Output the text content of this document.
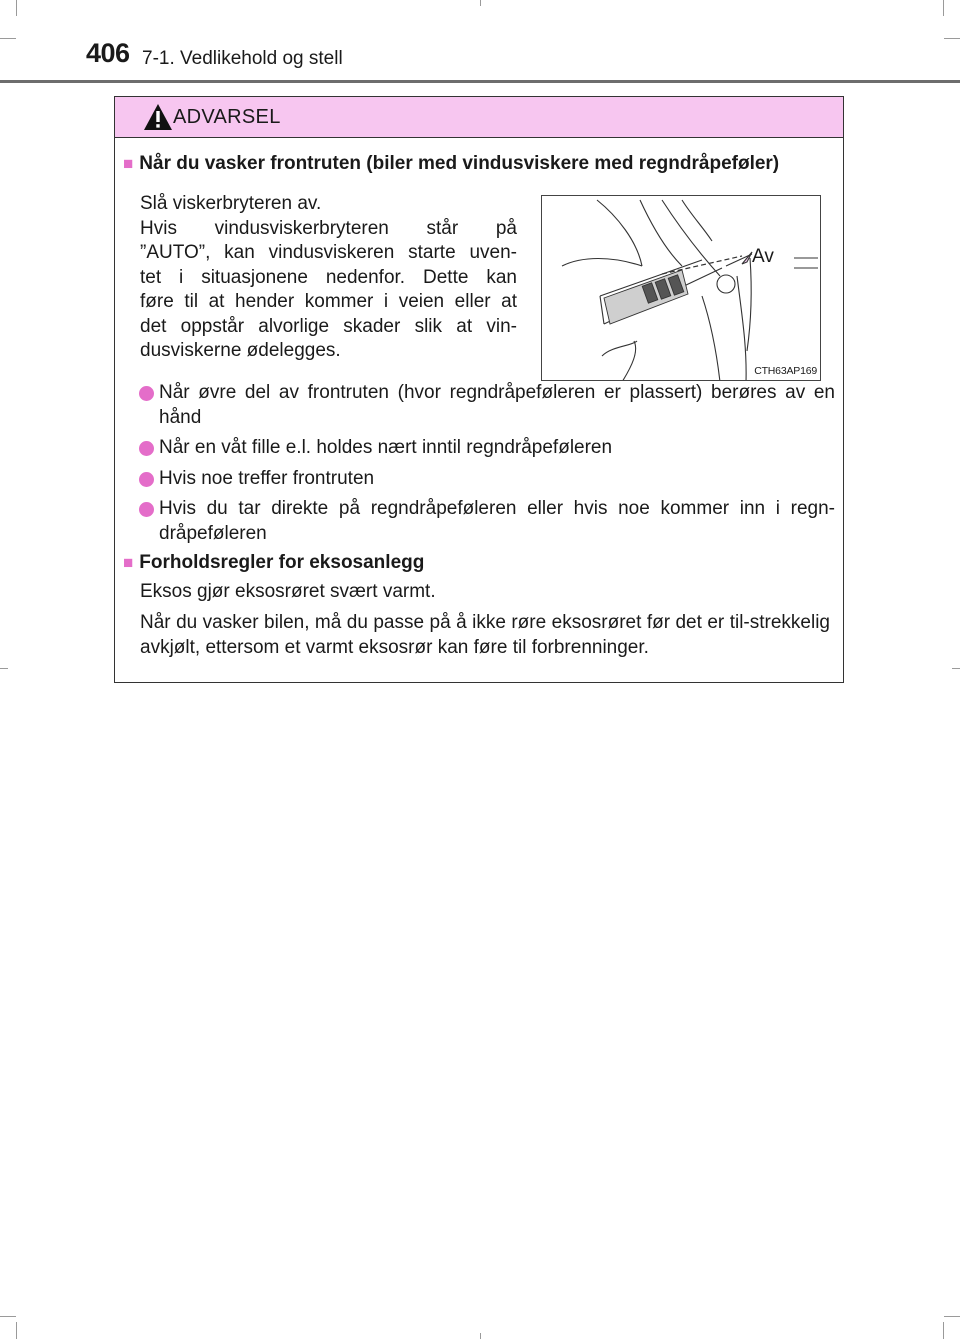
406 7-1. Vedlikehold og stell
ADVARSEL
■ Når du vasker frontruten (biler med vindusviskere med regndråpeføler)
Slå viskerbryteren av.
Hvis vindusviskerbryteren står på
”AUTO”, kan vindusviskeren starte uven-
tet i situasjonene nedenfor. Dette kan
føre til at hender kommer i veien eller at
det oppstår alvorlige skader slik at vin-
dusviskerne ødelegges.
Av
CTH63AP169
Når øvre del av frontruten (hvor regndråpeføleren er plassert) berøres av en hånd
Når en våt fille e.l. holdes nært inntil regndråpeføleren
Hvis noe treffer frontruten
Hvis du tar direkte på regndråpeføleren eller hvis noe kommer inn i regn-dråpeføleren
■ Forholdsregler for eksosanlegg
Eksos gjør eksosrøret svært varmt.
Når du vasker bilen, må du passe på å ikke røre eksosrøret før det er til-strekkelig avkjølt, ettersom et varmt eksosrør kan føre til forbrenninger.
